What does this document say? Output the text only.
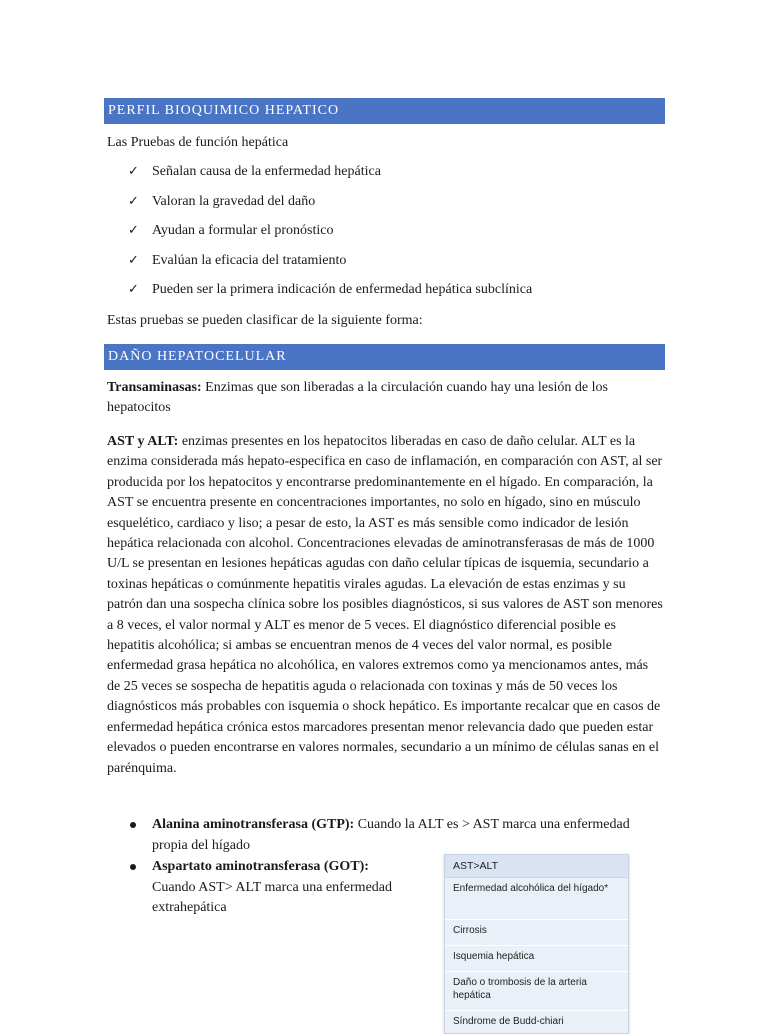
PERFIL BIOQUIMICO HEPATICO

Las Pruebas de función hepática

✓ Señalan causa de la enfermedad hepática
✓ Valoran la gravedad del daño
✓ Ayudan a formular el pronóstico
✓ Evalúan la eficacia del tratamiento
✓ Pueden ser la primera indicación de enfermedad hepática subclínica

Estas pruebas se pueden clasificar de la siguiente forma:

DAÑO HEPATOCELULAR

Transaminasas: Enzimas que son liberadas a la circulación cuando hay una lesión de los hepatocitos

AST y ALT: enzimas presentes en los hepatocitos liberadas en caso de daño celular. ALT es la enzima considerada más hepato-especifica en caso de inflamación, en comparación con AST, al ser producida por los hepatocitos y encontrarse predominantemente en el hígado. En comparación, la AST se encuentra presente en concentraciones importantes, no solo en hígado, sino en músculo esquelético, cardiaco y liso; a pesar de esto, la AST es más sensible como indicador de lesión hepática relacionada con alcohol. Concentraciones elevadas de aminotransferasas de más de 1000 U/L se presentan en lesiones hepáticas agudas con daño celular típicas de isquemia, secundario a toxinas hepáticas o comúnmente hepatitis virales agudas. La elevación de estas enzimas y su patrón dan una sospecha clínica sobre los posibles diagnósticos, si sus valores de AST son menores a 8 veces, el valor normal y ALT es menor de 5 veces. El diagnóstico diferencial posible es hepatitis alcohólica; si ambas se encuentran menos de 4 veces del valor normal, es posible enfermedad grasa hepática no alcohólica, en valores extremos como ya mencionamos antes, más de 25 veces se sospecha de hepatitis aguda o relacionada con toxinas y más de 50 veces los diagnósticos más probables con isquemia o shock hepático. Es importante recalcar que en casos de enfermedad hepática crónica estos marcadores presentan menor relevancia dado que pueden estar elevados o pueden encontrarse en valores normales, secundario a un mínimo de células sanas en el parénquima.

Alanina aminotransferasa (GTP): Cuando la ALT es > AST marca una enfermedad propia del hígado
Aspartato aminotransferasa (GOT):
Cuando AST> ALT marca una enfermedad extrahepática
AST>ALT
Enfermedad alcohólica del hígado*
Cirrosis
Isquemia hepática
Daño o trombosis de la arteria hepática
Síndrome de Budd-chiari
